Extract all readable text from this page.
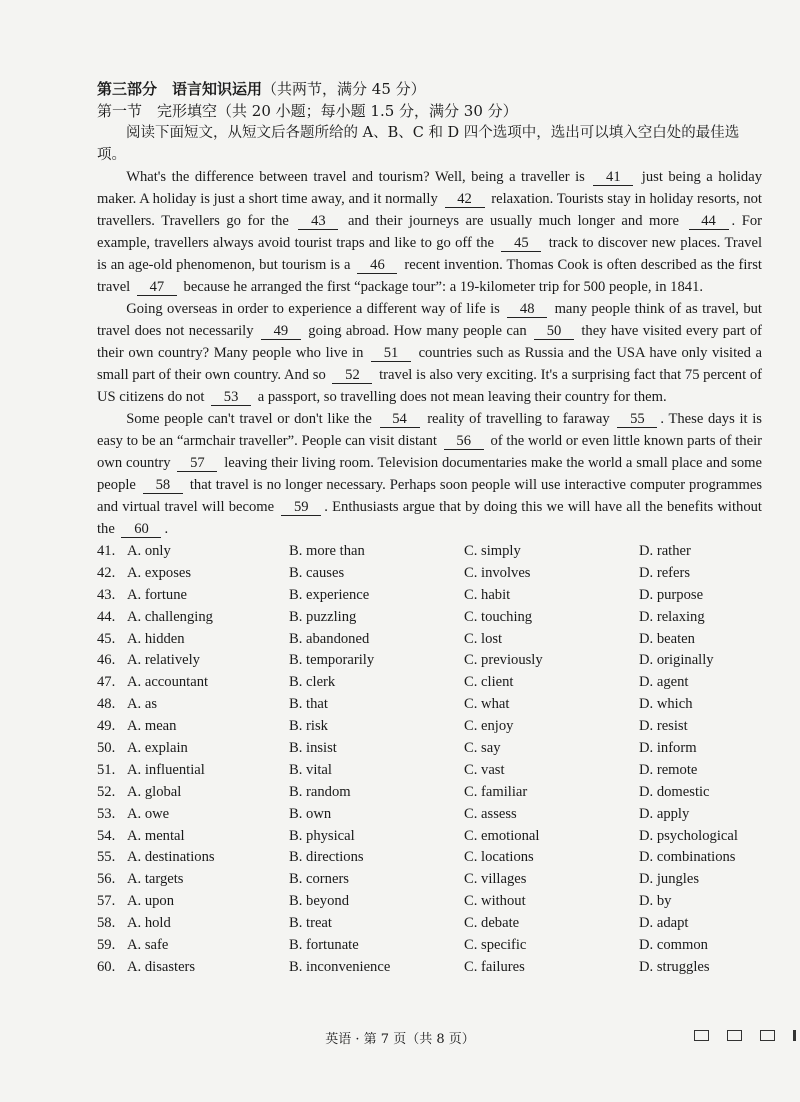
第三部分　语言知识运用（共两节，满分 45 分）
第一节　完形填空（共 20 小题；每小题 1.5 分，满分 30 分）

阅读下面短文，从短文后各题所给的 A、B、C 和 D 四个选项中，选出可以填入空白处的最佳选项。

What's the difference between travel and tourism? Well, being a traveller is 41 just being a holiday maker. A holiday is just a short time away, and it normally 42 relaxation. Tourists stay in holiday resorts, not travellers. Travellers go for the 43 and their journeys are usually much longer and more 44 . For example, travellers always avoid tourist traps and like to go off the 45 track to discover new places. Travel is an age-old phenomenon, but tourism is a 46 recent invention. Thomas Cook is often described as the first travel 47 because he arranged the first “package tour”: a 19-kilometer trip for 500 people, in 1841.

Going overseas in order to experience a different way of life is 48 many people think of as travel, but travel does not necessarily 49 going abroad. How many people can 50 they have visited every part of their own country? Many people who live in 51 countries such as Russia and the USA have only visited a small part of their own country. And so 52 travel is also very exciting. It's a surprising fact that 75 percent of US citizens do not 53 a passport, so travelling does not mean leaving their country for them.

Some people can't travel or don't like the 54 reality of travelling to faraway 55 . These days it is easy to be an “armchair traveller”. People can visit distant 56 of the world or even little known parts of their own country 57 leaving their living room. Television documentaries make the world a small place and some people 58 that travel is no longer necessary. Perhaps soon people will use interactive computer programmes and virtual travel will become 59 . Enthusiasts argue that by doing this we will have all the benefits without the 60 .

41. A. only	B. more than	C. simply	D. rather
42. A. exposes	B. causes	C. involves	D. refers
43. A. fortune	B. experience	C. habit	D. purpose
44. A. challenging	B. puzzling	C. touching	D. relaxing
45. A. hidden	B. abandoned	C. lost	D. beaten
46. A. relatively	B. temporarily	C. previously	D. originally
47. A. accountant	B. clerk	C. client	D. agent
48. A. as	B. that	C. what	D. which
49. A. mean	B. risk	C. enjoy	D. resist
50. A. explain	B. insist	C. say	D. inform
51. A. influential	B. vital	C. vast	D. remote
52. A. global	B. random	C. familiar	D. domestic
53. A. owe	B. own	C. assess	D. apply
54. A. mental	B. physical	C. emotional	D. psychological
55. A. destinations	B. directions	C. locations	D. combinations
56. A. targets	B. corners	C. villages	D. jungles
57. A. upon	B. beyond	C. without	D. by
58. A. hold	B. treat	C. debate	D. adapt
59. A. safe	B. fortunate	C. specific	D. common
60. A. disasters	B. inconvenience	C. failures	D. struggles
英语 · 第 7 页（共 8 页）
